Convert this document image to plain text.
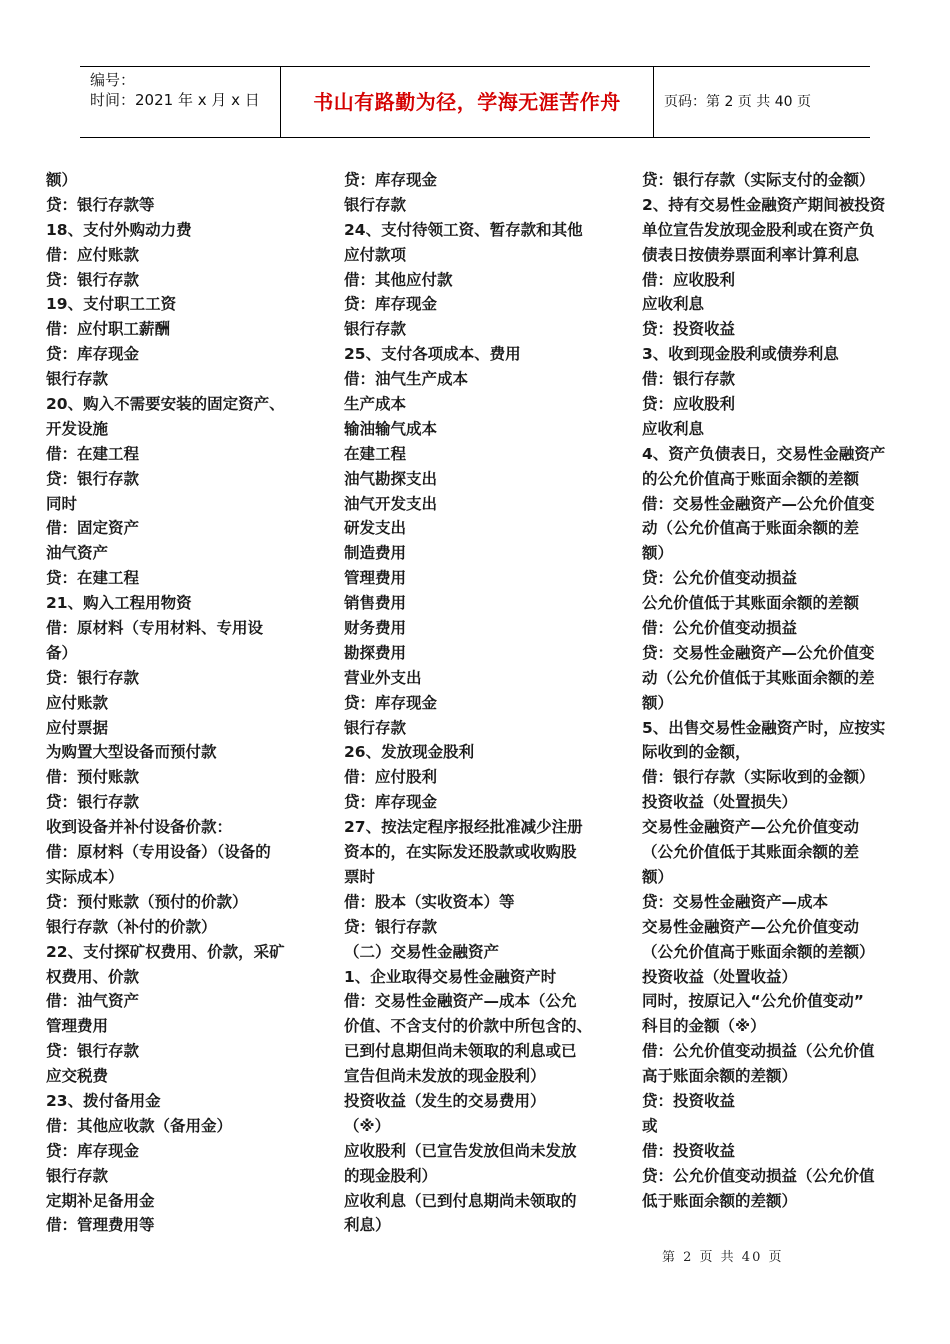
编号：
时间：2021 年 x 月 x 日	书山有路勤为径，学海无涯苦作舟	页码：第 2 页 共 40 页
额）
贷：银行存款等
18、支付外购动力费
借：应付账款
贷：银行存款
19、支付职工工资
借：应付职工薪酬
贷：库存现金
银行存款
20、购入不需要安装的固定资产、
开发设施
借：在建工程
贷：银行存款
同时
借：固定资产
油气资产
贷：在建工程
21、购入工程用物资
借：原材料（专用材料、专用设
备）
贷：银行存款
应付账款
应付票据
为购置大型设备而预付款
借：预付账款
贷：银行存款
收到设备并补付设备价款：
借：原材料（专用设备）（设备的
实际成本）
贷：预付账款（预付的价款）
银行存款（补付的价款）
22、支付探矿权费用、价款，采矿
权费用、价款
借：油气资产
管理费用
贷：银行存款
应交税费
23、拨付备用金
借：其他应收款（备用金）
贷：库存现金
银行存款
定期补足备用金
借：管理费用等
贷：库存现金
银行存款
24、支付待领工资、暂存款和其他
应付款项
借：其他应付款
贷：库存现金
银行存款
25、支付各项成本、费用
借：油气生产成本
生产成本
输油输气成本
在建工程
油气勘探支出
油气开发支出
研发支出
制造费用
管理费用
销售费用
财务费用
勘探费用
营业外支出
贷：库存现金
银行存款
26、发放现金股利
借：应付股利
贷：库存现金
27、按法定程序报经批准减少注册
资本的，在实际发还股款或收购股
票时
借：股本（实收资本）等
贷：银行存款
（二）交易性金融资产
1、企业取得交易性金融资产时
借：交易性金融资产—成本（公允
价值、不含支付的价款中所包含的、
已到付息期但尚未领取的利息或已
宣告但尚未发放的现金股利）
投资收益（发生的交易费用）
（※）
应收股利（已宣告发放但尚未发放
的现金股利）
应收利息（已到付息期尚未领取的
利息）
贷：银行存款（实际支付的金额）
2、持有交易性金融资产期间被投资
单位宣告发放现金股利或在资产负
债表日按债券票面利率计算利息
借：应收股利
应收利息
贷：投资收益
3、收到现金股利或债券利息
借：银行存款
贷：应收股利
应收利息
4、资产负债表日，交易性金融资产
的公允价值高于账面余额的差额
借：交易性金融资产—公允价值变
动（公允价值高于账面余额的差
额）
贷：公允价值变动损益
公允价值低于其账面余额的差额
借：公允价值变动损益
贷：交易性金融资产—公允价值变
动（公允价值低于其账面余额的差
额）
5、出售交易性金融资产时，应按实
际收到的金额，
借：银行存款（实际收到的金额）
投资收益（处置损失）
交易性金融资产—公允价值变动
（公允价值低于其账面余额的差
额）
贷：交易性金融资产—成本
交易性金融资产—公允价值变动
（公允价值高于账面余额的差额）
投资收益（处置收益）
同时，按原记入“公允价值变动”
科目的金额（※）
借：公允价值变动损益（公允价值
高于账面余额的差额）
贷：投资收益
或
借：投资收益
贷：公允价值变动损益（公允价值
低于账面余额的差额）
第 2 页 共 40 页
